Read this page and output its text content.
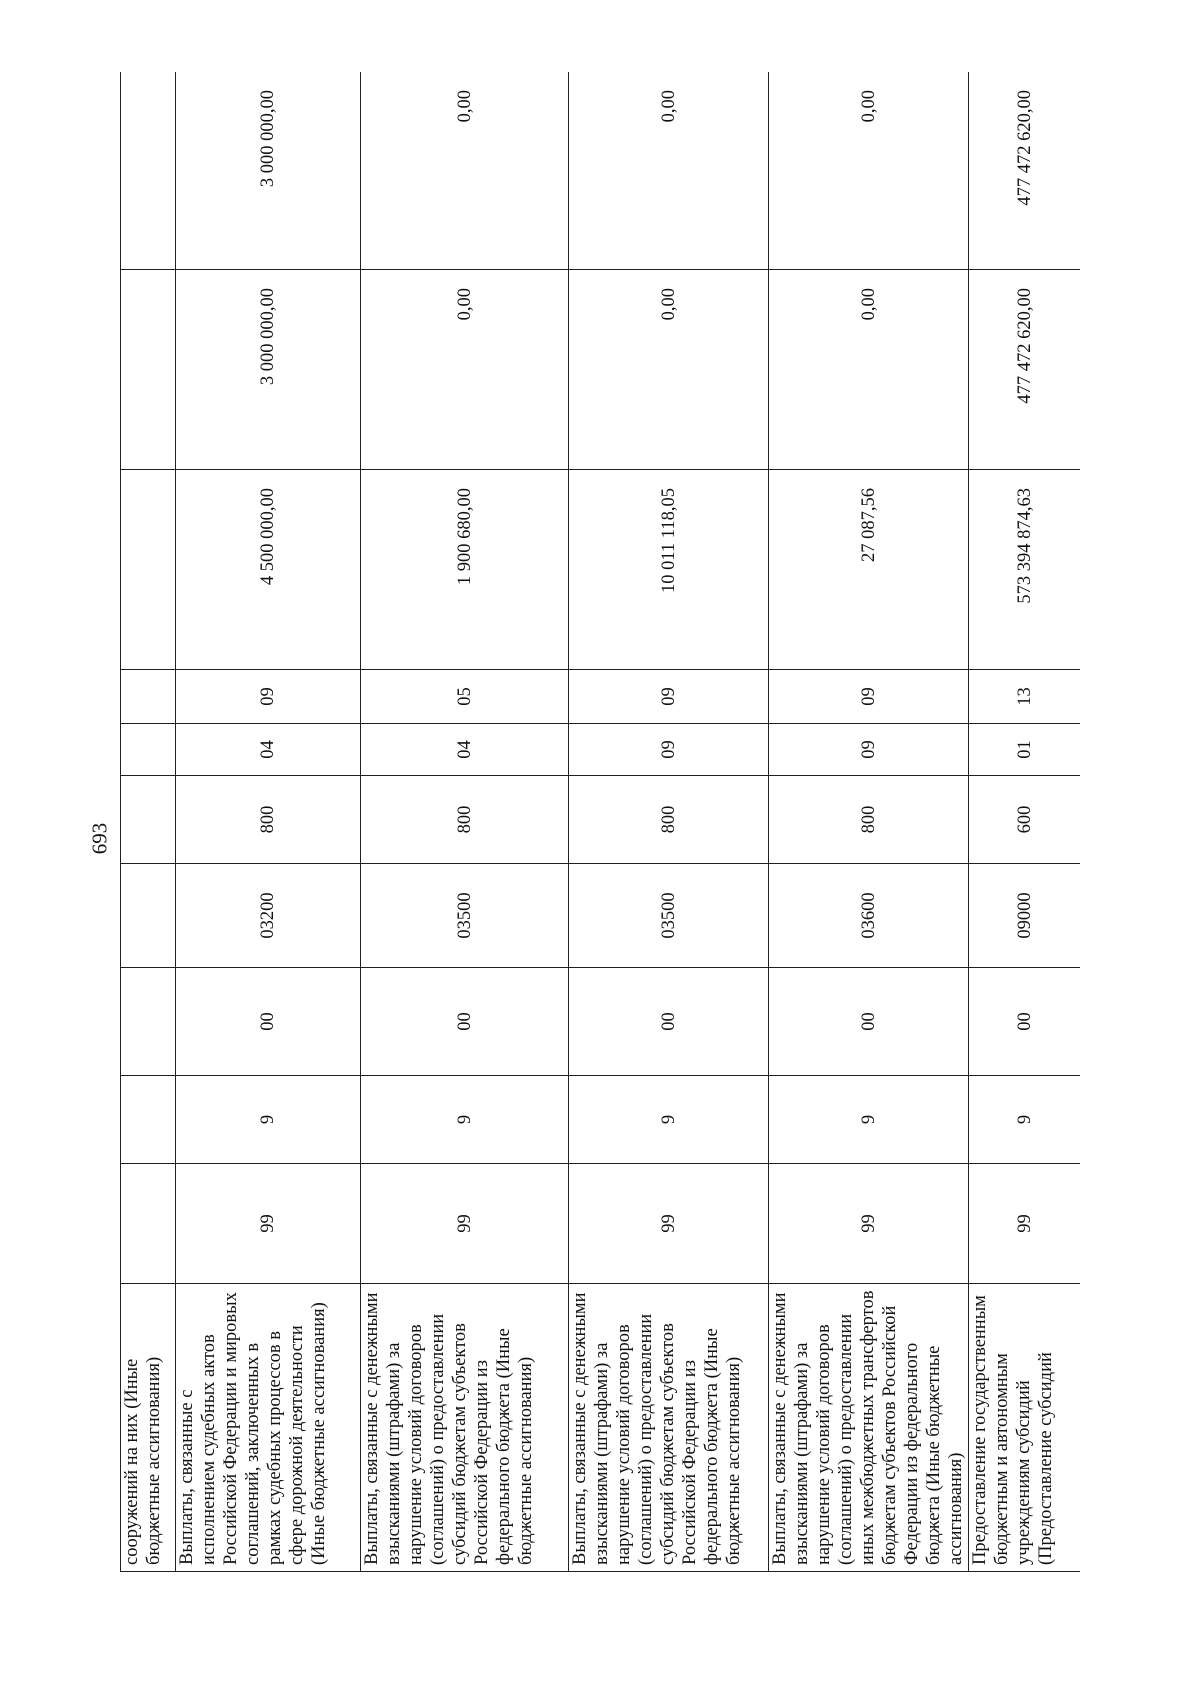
693
сооружений на них (Иные бюджетные ассигнования)										
Выплаты, связанные с исполнением судебных актов Российской Федерации и мировых соглашений, заключенных в рамках судебных процессов в сфере дорожной деятельности (Иные бюджетные ассигнования)	99	9	00	03200	800	04	09	4 500 000,00	3 000 000,00	3 000 000,00
Выплаты, связанные с денежными взысканиями (штрафами) за нарушение условий договоров (соглашений) о предоставлении субсидий бюджетам субъектов Российской Федерации из федерального бюджета (Иные бюджетные ассигнования)	99	9	00	03500	800	04	05	1 900 680,00	0,00	0,00
Выплаты, связанные с денежными взысканиями (штрафами) за нарушение условий договоров (соглашений) о предоставлении субсидий бюджетам субъектов Российской Федерации из федерального бюджета (Иные бюджетные ассигнования)	99	9	00	03500	800	09	09	10 011 118,05	0,00	0,00
Выплаты, связанные с денежными взысканиями (штрафами) за нарушение условий договоров (соглашений) о предоставлении иных межбюджетных трансфертов бюджетам субъектов Российской Федерации из федерального бюджета (Иные бюджетные ассигнования)	99	9	00	03600	800	09	09	27 087,56	0,00	0,00
Предоставление государственным бюджетным и автономным учреждениям субсидий (Предоставление субсидий	99	9	00	09000	600	01	13	573 394 874,63	477 472 620,00	477 472 620,00
